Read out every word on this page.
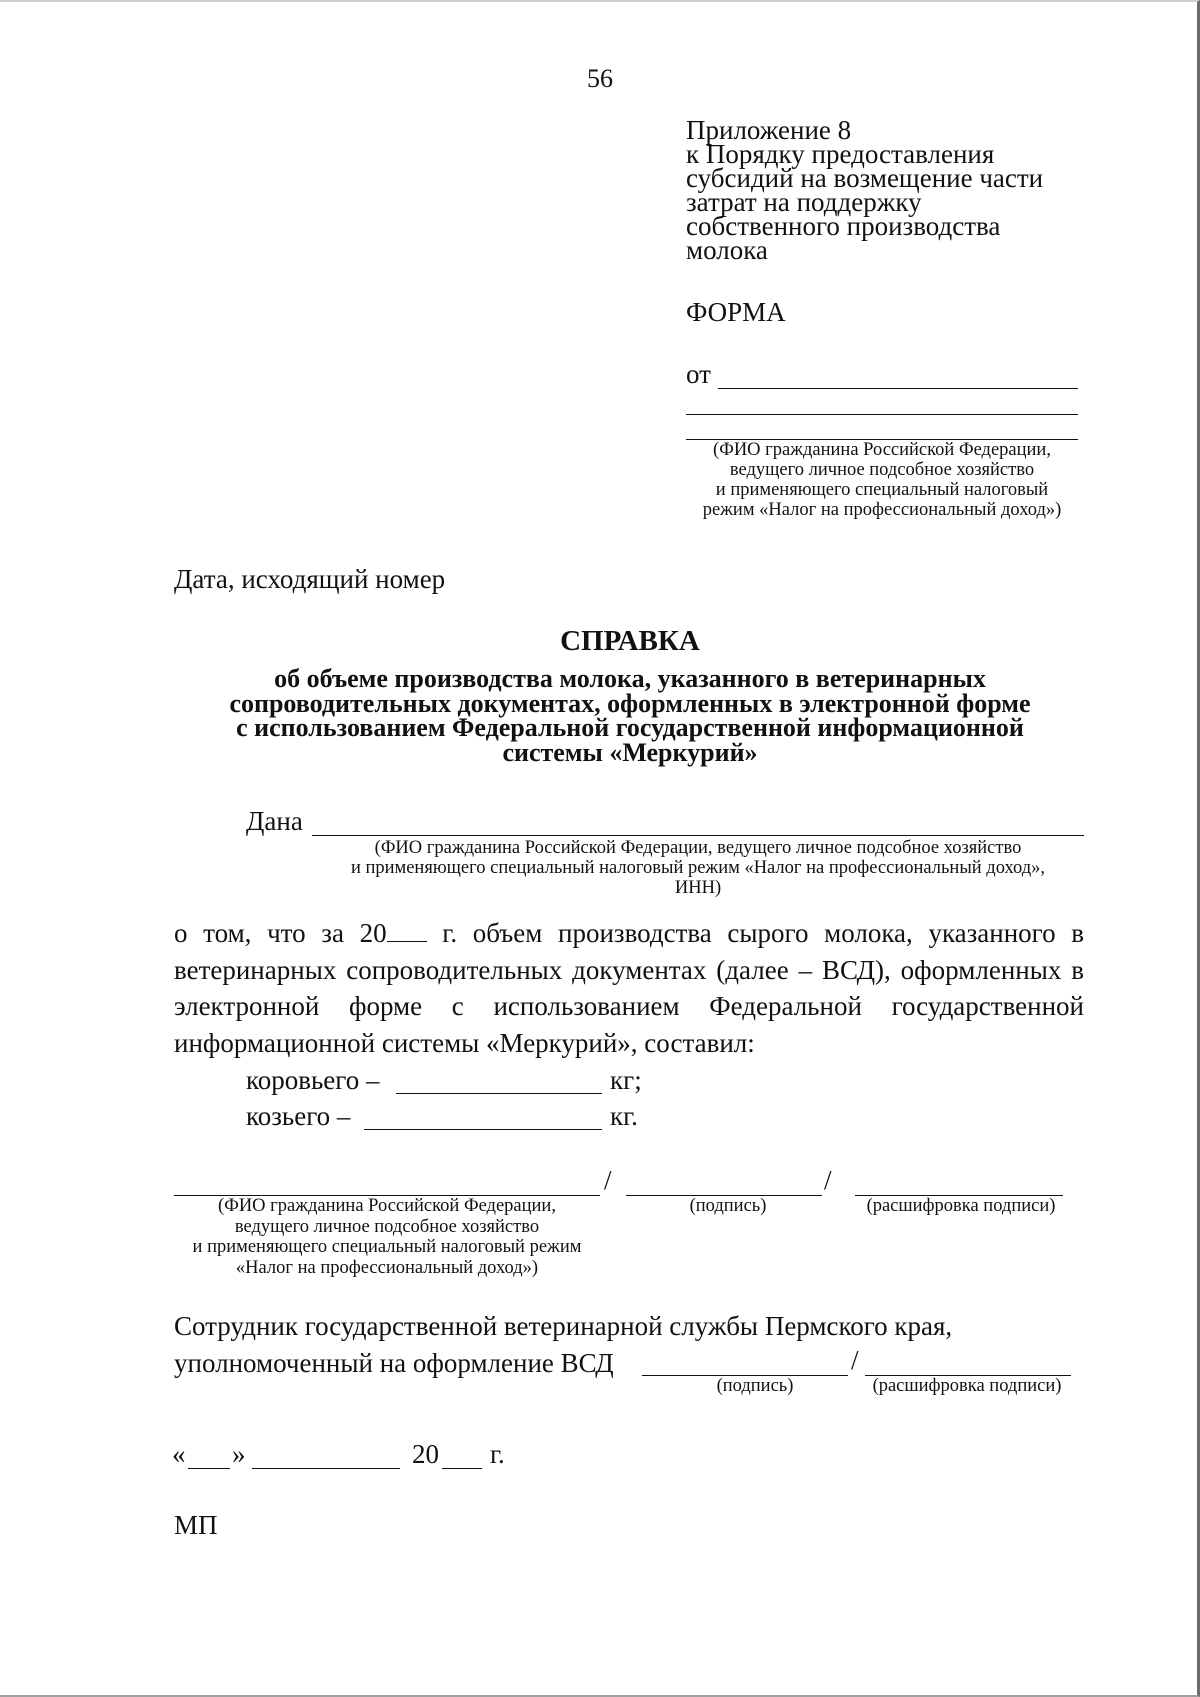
56
Приложение 8
к Порядку предоставления
субсидий на возмещение части
затрат на поддержку
собственного производства
молока
ФОРМА
от
(ФИО гражданина Российской Федерации,
ведущего личное подсобное хозяйство
и применяющего специальный налоговый
режим «Налог на профессиональный доход»)
Дата, исходящий номер
СПРАВКА
об объеме производства молока, указанного в ветеринарных
сопроводительных документах, оформленных в электронной форме
с использованием Федеральной государственной информационной
системы «Меркурий»
Дана
(ФИО гражданина Российской Федерации, ведущего личное подсобное хозяйство
и применяющего специальный налоговый режим «Налог на профессиональный доход»,
ИНН)
о том, что за 20 г. объем производства сырого молока, указанного в ветеринарных сопроводительных документах (далее – ВСД), оформленных в электронной форме с использованием Федеральной государственной информационной системы «Меркурий», составил:
коровьего –	кг;
козьего –	кг.
/	/
(ФИО гражданина Российской Федерации,
ведущего личное подсобное хозяйство
и применяющего специальный налоговый режим
«Налог на профессиональный доход»)
(подпись)	(расшифровка подписи)
Сотрудник государственной ветеринарной службы Пермского края,
уполномоченный на оформление ВСД	/
(подпись)	(расшифровка подписи)
« »	20 г.
МП
